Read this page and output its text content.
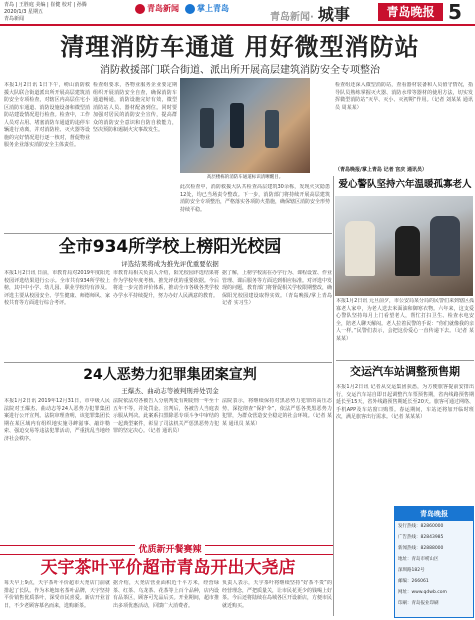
青岛 | 王胜庭 美编 | 崔健 校对 | 孙腾
2020/1/3 星期五
青岛新闻
青岛新闻 掌上青岛
青岛新闻· 城事	青岛晚报 5
清理消防车通道 用好微型消防站
消防救援部门联合街道、派出所开展高层建筑消防安全专项整治
本报1月2日讯 1日下午，崂山消防救援大队联合街道派出所开展高层建筑消防安全专项检查，对辖区内高层住宅小区消防车通道、消防设施设备和微型消防站建设情况进行检查。检查中，工作人员对占用、堵塞消防车通道的违停车辆进行劝离，并对消防栓、灭火器等设施的完好情况进行逐一核对，督促物业服务企业落实消防安全主体责任。
检查组要求，各物业服务企业要定期组织开展消防安全自查，确保消防车通道畅通，消防设施完好有效，微型消防站人员、器材配备到位。同时要加强对居民的消防安全宣传，提高群众的消防安全意识和自防自救能力，坚决预防和遏制火灾事故发生。
高层楼栋的消防车通道标识清晰醒目。
此次检查中，消防救援大队共检查高层建筑30余栋，发现火灾隐患12处，均已当场责令整改。下一步，消防部门将持续开展高层建筑消防安全专项整治，严格落实各项防火措施，确保辖区消防安全形势持续平稳。
检查组还深入微型消防站，查看器材装备和人员值守情况，指导队员熟练掌握灭火器、消防水带等器材的使用方法，切实发挥微型消防站“灭早、灭小、灭初期”作用。（记者 刘某某 通讯员 周某某）
（青岛晚报/掌上青岛 记者 宫庆 通讯员）
全市934所学校上榜阳光校园
评选结果将成为推先评优重要依据
本报1月2日讯 日前，市教育局对2019年度阳光校园评选结果进行公示。全市共有934所学校上榜，其中中小学、幼儿园、职业学校均有涉及。评选主要从校园安全、学生健康、师德师风、家校共育等方面进行综合考评。
市教育局相关负责人介绍，阳光校园评选结果将作为学校年度考核、推先评优的重要依据。今后将进一步完善评价体系，推动全市各级各类学校办学水平持续提升，努力办好人民满意的教育。
据了解，上榜学校需在办学行为、课程设置、作业管理、课后服务等方面达到相应标准。对评选中发现的问题，教育部门将督促相关学校限期整改，确保阳光校园建设取得实效。（青岛晚报/掌上青岛 记者 实习生）
爱心警队坚持六年温暖孤寡老人
本报1月2日讯 元旦前夕，市公安局某分局的民警们来到辖区孤寡老人家中，为老人送去米面油和御寒衣物。六年来，这支爱心警队坚持每月上门看望老人，帮忙打扫卫生、检查水电安全，陪老人聊天解闷。老人拉着民警的手说：“你们就像我的亲人一样。”民警们表示，会把这份爱心一直传递下去。（记者 某某某）
交运汽车站调整预售期
本报1月2日讯 记者从交运集团获悉，为方便旅客提前安排出行，交运汽车站自即日起调整汽车票预售期，省内线路预售期延长至15天，省外线路预售期延长至20天。旅客可通过网络、手机APP及车站窗口购票。春运期间，车站还将加开临时班次，满足旅客出行需求。（记者 某某某）
24人恶势力犯罪集团案宣判
王爆杰、曲动志等被判刑并处罚金
本报1月2日讯 2019年12月31日，市中级人民法院对王爆杰、曲动志等24人恶势力犯罪集团案进行公开宣判。法院审理查明，该犯罪集团长期在某区域内有组织地实施寻衅滋事、敲诈勒索、强迫交易等违法犯罪活动，严重扰乱当地经济社会秩序。
法院依法对各被告人分别判处有期徒刑一年至十五年不等，并处罚金。宣判后，各被告人当庭表示服从判决。此案系扫黑除恶专项斗争中审结的一起典型案件，彰显了司法机关严惩黑恶势力犯罪的坚定决心。（记者 通讯员）
法院表示，将继续保持对黑恶势力犯罪的高压态势，深挖彻查“保护伞”，依法严惩各类黑恶势力犯罪，为群众营造安全稳定的社会环境。（记者 某某 通讯员 某某）
优质新开餐赛辣
天宇茶叶平价超市青岛开出大尧店
每天早上9点，天宇茶叶平价超市大尧店门前就排起了长队。作为本地知名茶叶品牌，天宇坚持平价销售优质茶叶，深受市民喜爱。新店开业首日，不少老顾客慕名而来，选购新茶。
据介绍，大尧店营业面积近千平方米，经营绿茶、红茶、乌龙茶、花茶等上百个品种，店内设有品茶区，顾客可先品后买。开业期间，超市推出多项优惠活动，回馈广大消费者。
负责人表示，天宇茶叶将继续坚持“好茶不贵”的经营理念，严把质量关，让市民花更少的钱喝上好茶。今后还将陆续在岛城各区开设新店，方便市民就近购买。
青岛晚报
发行热线：82860000
广告热线：82843985
新闻热线：82888000
地址：青岛市崂山区
深圳路182号
邮编：266061
网址：www.qdwb.com
印刷：青岛报业印刷
